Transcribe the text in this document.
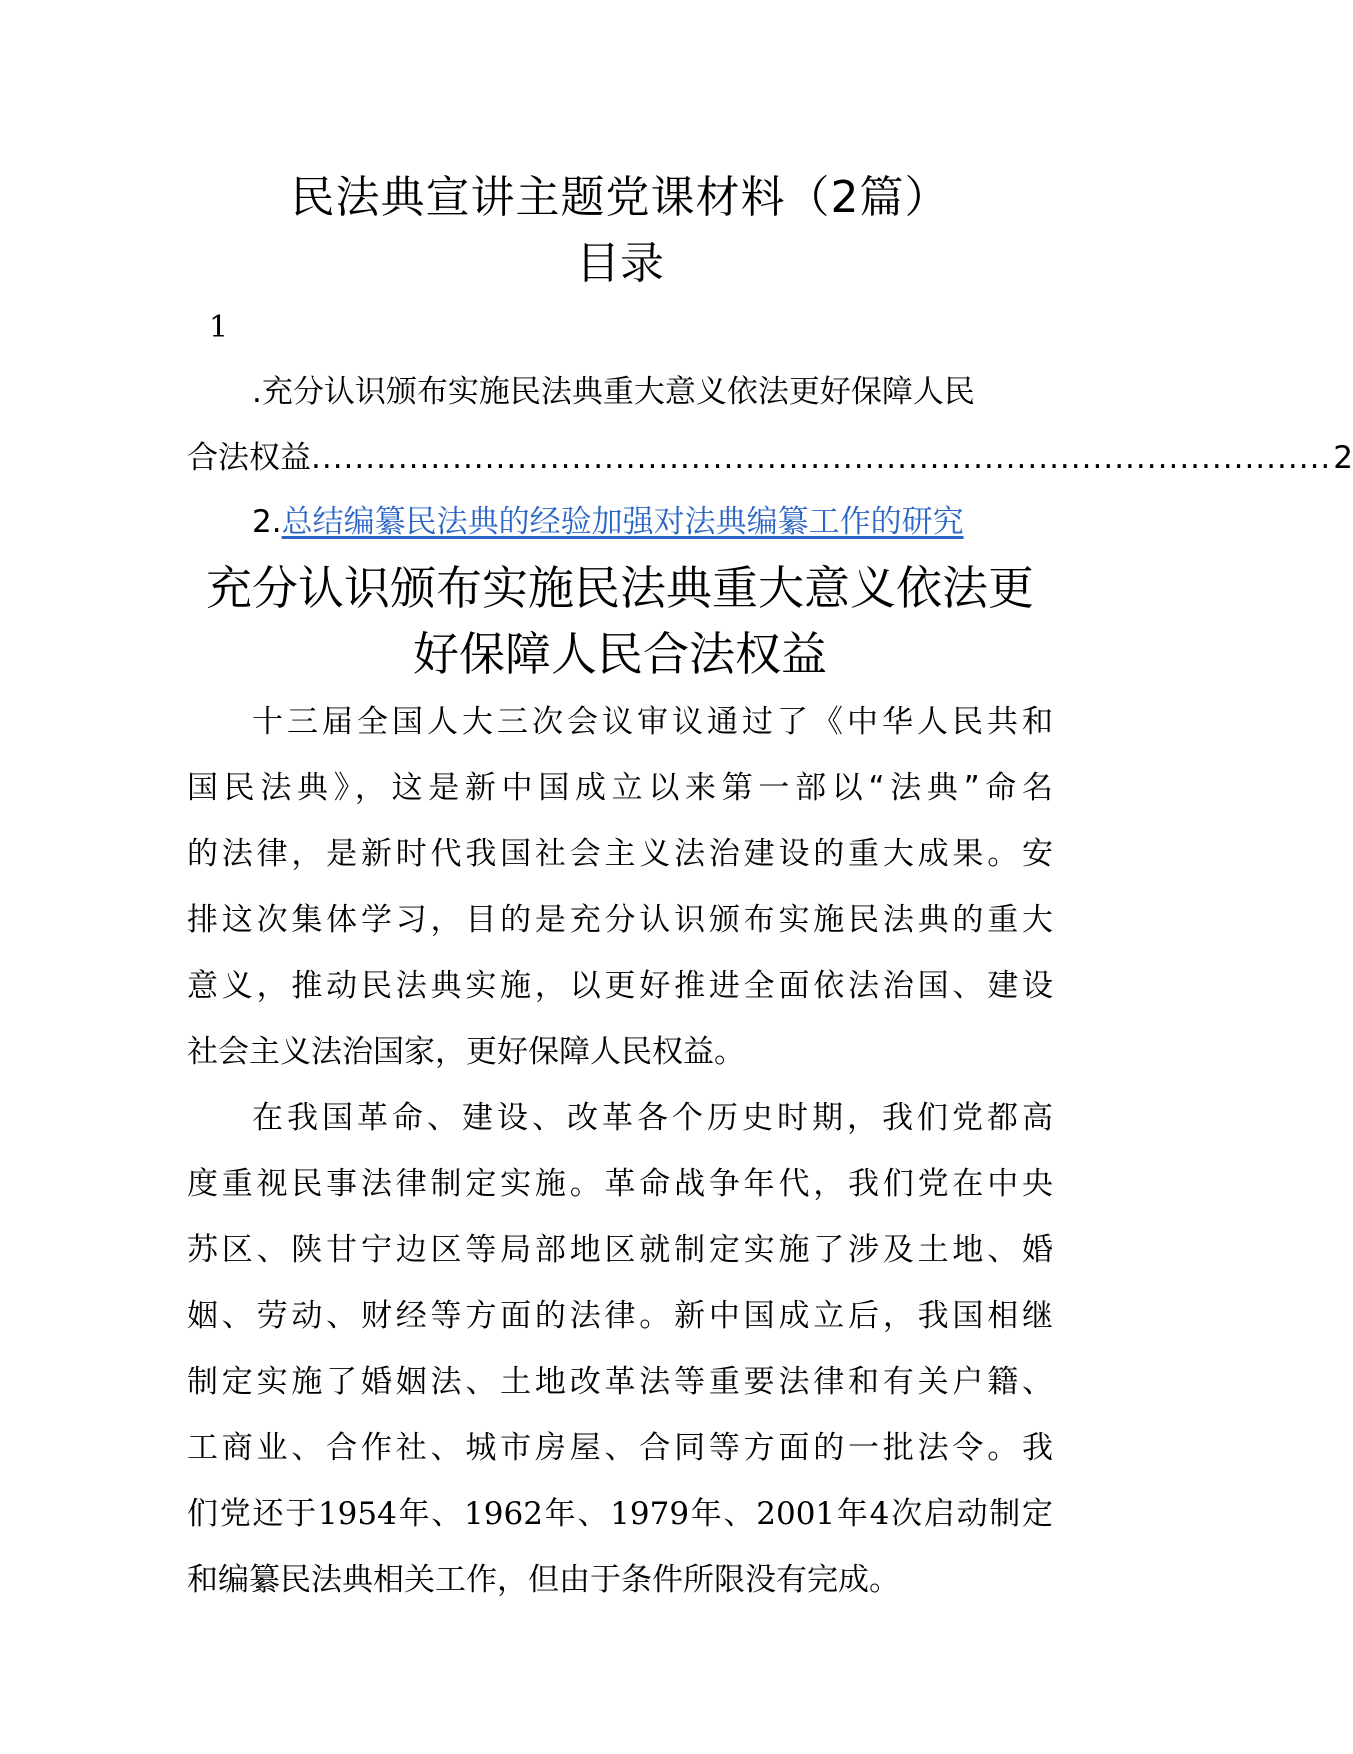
民法典宣讲主题党课材料（2篇）
目录
1
.充分认识颁布实施民法典重大意义依法更好保障人民
合法权益 .............................................................................................. 2
2.总结编纂民法典的经验加强对法典编纂工作的研究
充分认识颁布实施民法典重大意义依法更
好保障人民合法权益
十三届全国人大三次会议审议通过了《中华人民共和
国民法典》，这是新中国成立以来第一部以“法典”命名
的法律，是新时代我国社会主义法治建设的重大成果。安
排这次集体学习，目的是充分认识颁布实施民法典的重大
意义，推动民法典实施，以更好推进全面依法治国、建设
社会主义法治国家，更好保障人民权益。
在我国革命、建设、改革各个历史时期，我们党都高
度重视民事法律制定实施。革命战争年代，我们党在中央
苏区、陕甘宁边区等局部地区就制定实施了涉及土地、婚
姻、劳动、财经等方面的法律。新中国成立后，我国相继
制定实施了婚姻法、土地改革法等重要法律和有关户籍、
工商业、合作社、城市房屋、合同等方面的一批法令。我
们党还于1954年、1962年、1979年、2001年4次启动制定
和编纂民法典相关工作，但由于条件所限没有完成。
